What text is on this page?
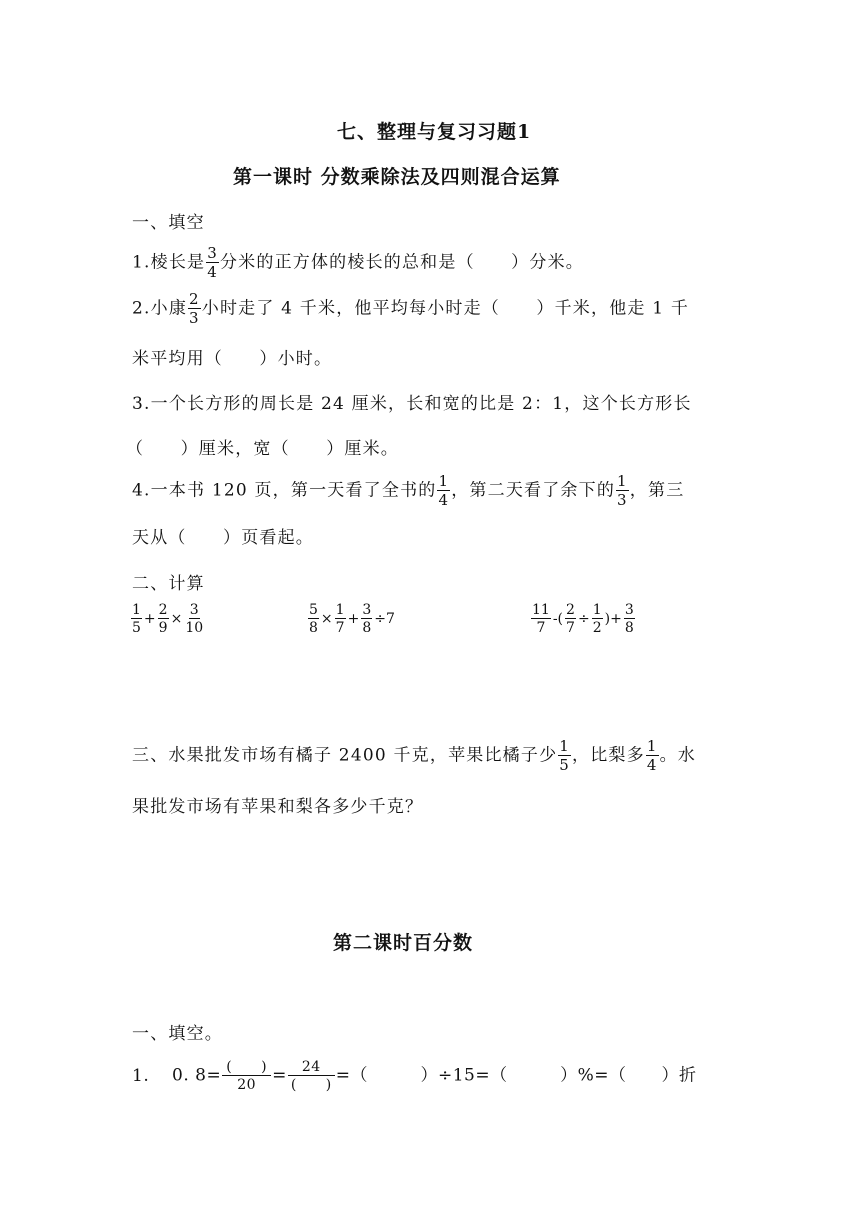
七、整理与复习习题1
第一课时 分数乘除法及四则混合运算
一、填空
1.棱长是 $\frac{3}{4}$ 分米的正方体的棱长的总和是（　　）分米。
2.小康 $\frac{2}{3}$ 小时走了 4 千米，他平均每小时走（　　）千米，他走 1 千
米平均用（　　）小时。
3.一个长方形的周长是 24 厘米，长和宽的比是 2：1，这个长方形长
（　　）厘米，宽（　　）厘米。
4.一本书 120 页，第一天看了全书的 $\frac{1}{4}$ ，第二天看了余下的 $\frac{1}{3}$ ，第三
天从（　　）页看起。
二、计算
$\frac{1}{5} + \frac{2}{9} \times \frac{3}{10}$	$\frac{5}{8} \times \frac{1}{7} + \frac{3}{8} \div 7$	$\frac{11}{7}$ -( $\frac{2}{7} \div \frac{1}{2}$ )+ $\frac{3}{8}$
三、水果批发市场有橘子 2400 千克，苹果比橘子少 $\frac{1}{5}$ ，比梨多 $\frac{1}{4}$ 。水
果批发市场有苹果和梨各多少千克？
第二课时百分数
一、填空。
1. 0. $8= \frac{( )}{20} = \frac{24}{( )}$ =（　　　）÷15=（　　　）%=（　　）折
